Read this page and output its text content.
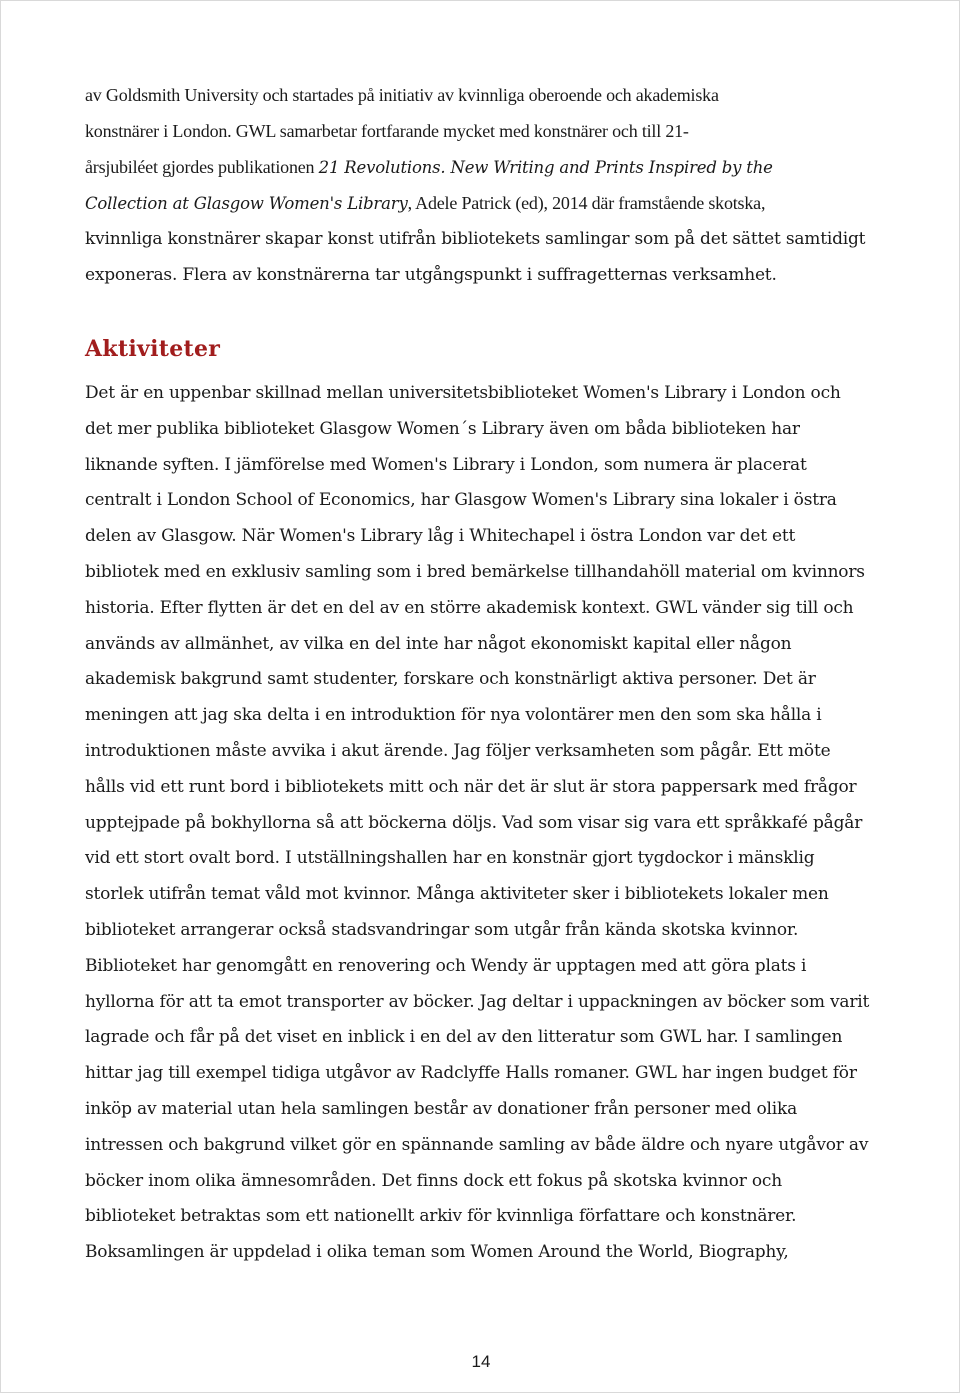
av Goldsmith University och startades på initiativ av kvinnliga oberoende och akademiska
konstnärer i London. GWL samarbetar fortfarande mycket med konstnärer och till 21-
årsjubiléet gjordes publikationen 21 Revolutions. New Writing and Prints Inspired by the
Collection at Glasgow Women's Library, Adele Patrick (ed), 2014 där framstående skotska,
kvinnliga konstnärer skapar konst utifrån bibliotekets samlingar som på det sättet samtidigt
exponeras. Flera av konstnärerna tar utgångspunkt i suffragetternas verksamhet.
Aktiviteter
Det är en uppenbar skillnad mellan universitetsbiblioteket Women's Library i London och
det mer publika biblioteket Glasgow Women´s Library även om båda biblioteken har
liknande syften. I jämförelse med Women's Library i London, som numera är placerat
centralt i London School of Economics, har Glasgow Women's Library sina lokaler i östra
delen av Glasgow. När Women's Library låg i Whitechapel i östra London var det ett
bibliotek med en exklusiv samling som i bred bemärkelse tillhandahöll material om kvinnors
historia. Efter flytten är det en del av en större akademisk kontext. GWL vänder sig till och
används av allmänhet, av vilka en del inte har något ekonomiskt kapital eller någon
akademisk bakgrund samt studenter, forskare och konstnärligt aktiva personer. Det är
meningen att jag ska delta i en introduktion för nya volontärer men den som ska hålla i
introduktionen måste avvika i akut ärende. Jag följer verksamheten som pågår. Ett möte
hålls vid ett runt bord i bibliotekets mitt och när det är slut är stora pappersark med frågor
upptejpade på bokhyllorna så att böckerna döljs. Vad som visar sig vara ett språkkafé pågår
vid ett stort ovalt bord. I utställningshallen har en konstnär gjort tygdockor i mänsklig
storlek utifrån temat våld mot kvinnor. Många aktiviteter sker i bibliotekets lokaler men
biblioteket arrangerar också stadsvandringar som utgår från kända skotska kvinnor.
Biblioteket har genomgått en renovering och Wendy är upptagen med att göra plats i
hyllorna för att ta emot transporter av böcker. Jag deltar i uppackningen av böcker som varit
lagrade och får på det viset en inblick i en del av den litteratur som GWL har. I samlingen
hittar jag till exempel tidiga utgåvor av Radclyffe Halls romaner. GWL har ingen budget för
inköp av material utan hela samlingen består av donationer från personer med olika
intressen och bakgrund vilket gör en spännande samling av både äldre och nyare utgåvor av
böcker inom olika ämnesområden. Det finns dock ett fokus på skotska kvinnor och
biblioteket betraktas som ett nationellt arkiv för kvinnliga författare och konstnärer.
Boksamlingen är uppdelad i olika teman som Women Around the World, Biography,
14
